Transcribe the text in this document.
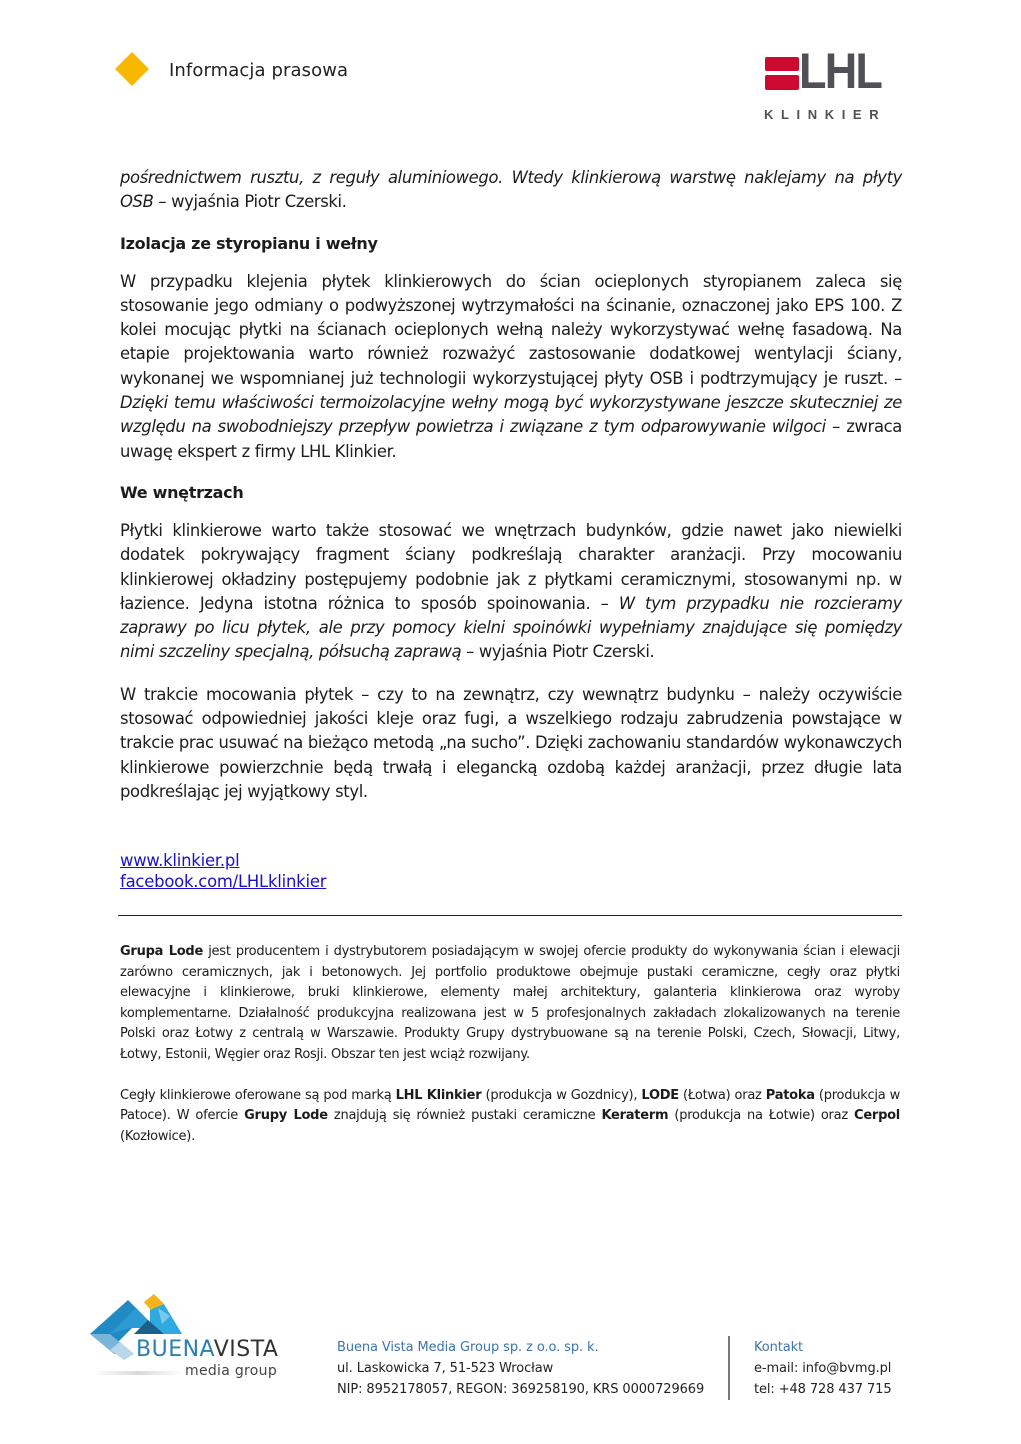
Informacja prasowa	LHL
KLINKIER

pośrednictwem rusztu, z reguły aluminiowego. Wtedy klinkierową warstwę naklejamy na płyty OSB – wyjaśnia Piotr Czerski.

Izolacja ze styropianu i wełny

W przypadku klejenia płytek klinkierowych do ścian ocieplonych styropianem zaleca się stosowanie jego odmiany o podwyższonej wytrzymałości na ścinanie, oznaczonej jako EPS 100. Z kolei mocując płytki na ścianach ocieplonych wełną należy wykorzystywać wełnę fasadową. Na etapie projektowania warto również rozważyć zastosowanie dodatkowej wentylacji ściany, wykonanej we wspomnianej już technologii wykorzystującej płyty OSB i podtrzymujący je ruszt. – Dzięki temu właściwości termoizolacyjne wełny mogą być wykorzystywane jeszcze skuteczniej ze względu na swobodniejszy przepływ powietrza i związane z tym odparowywanie wilgoci – zwraca uwagę ekspert z firmy LHL Klinkier.

We wnętrzach

Płytki klinkierowe warto także stosować we wnętrzach budynków, gdzie nawet jako niewielki dodatek pokrywający fragment ściany podkreślają charakter aranżacji. Przy mocowaniu klinkierowej okładziny postępujemy podobnie jak z płytkami ceramicznymi, stosowanymi np. w łazience. Jedyna istotna różnica to sposób spoinowania. – W tym przypadku nie rozcieramy zaprawy po licu płytek, ale przy pomocy kielni spoinówki wypełniamy znajdujące się pomiędzy nimi szczeliny specjalną, półsuchą zaprawą – wyjaśnia Piotr Czerski.

W trakcie mocowania płytek – czy to na zewnątrz, czy wewnątrz budynku – należy oczywiście stosować odpowiedniej jakości kleje oraz fugi, a wszelkiego rodzaju zabrudzenia powstające w trakcie prac usuwać na bieżąco metodą „na sucho”. Dzięki zachowaniu standardów wykonawczych klinkierowe powierzchnie będą trwałą i elegancką ozdobą każdej aranżacji, przez długie lata podkreślając jej wyjątkowy styl.

www.klinkier.pl
facebook.com/LHLklinkier

Grupa Lode jest producentem i dystrybutorem posiadającym w swojej ofercie produkty do wykonywania ścian i elewacji zarówno ceramicznych, jak i betonowych. Jej portfolio produktowe obejmuje pustaki ceramiczne, cegły oraz płytki elewacyjne i klinkierowe, bruki klinkierowe, elementy małej architektury, galanteria klinkierowa oraz wyroby komplementarne. Działalność produkcyjna realizowana jest w 5 profesjonalnych zakładach zlokalizowanych na terenie Polski oraz Łotwy z centralą w Warszawie. Produkty Grupy dystrybuowane są na terenie Polski, Czech, Słowacji, Litwy, Łotwy, Estonii, Węgier oraz Rosji. Obszar ten jest wciąż rozwijany.

Cegły klinkierowe oferowane są pod marką LHL Klinkier (produkcja w Gozdnicy), LODE (Łotwa) oraz Patoka (produkcja w Patoce). W ofercie Grupy Lode znajdują się również pustaki ceramiczne Keraterm (produkcja na Łotwie) oraz Cerpol (Kozłowice).

BUENAVISTA
media group
Buena Vista Media Group sp. z o.o. sp. k.
ul. Laskowicka 7, 51-523 Wrocław
NIP: 8952178057, REGON: 369258190, KRS 0000729669
Kontakt
e-mail: info@bvmg.pl
tel: +48 728 437 715
